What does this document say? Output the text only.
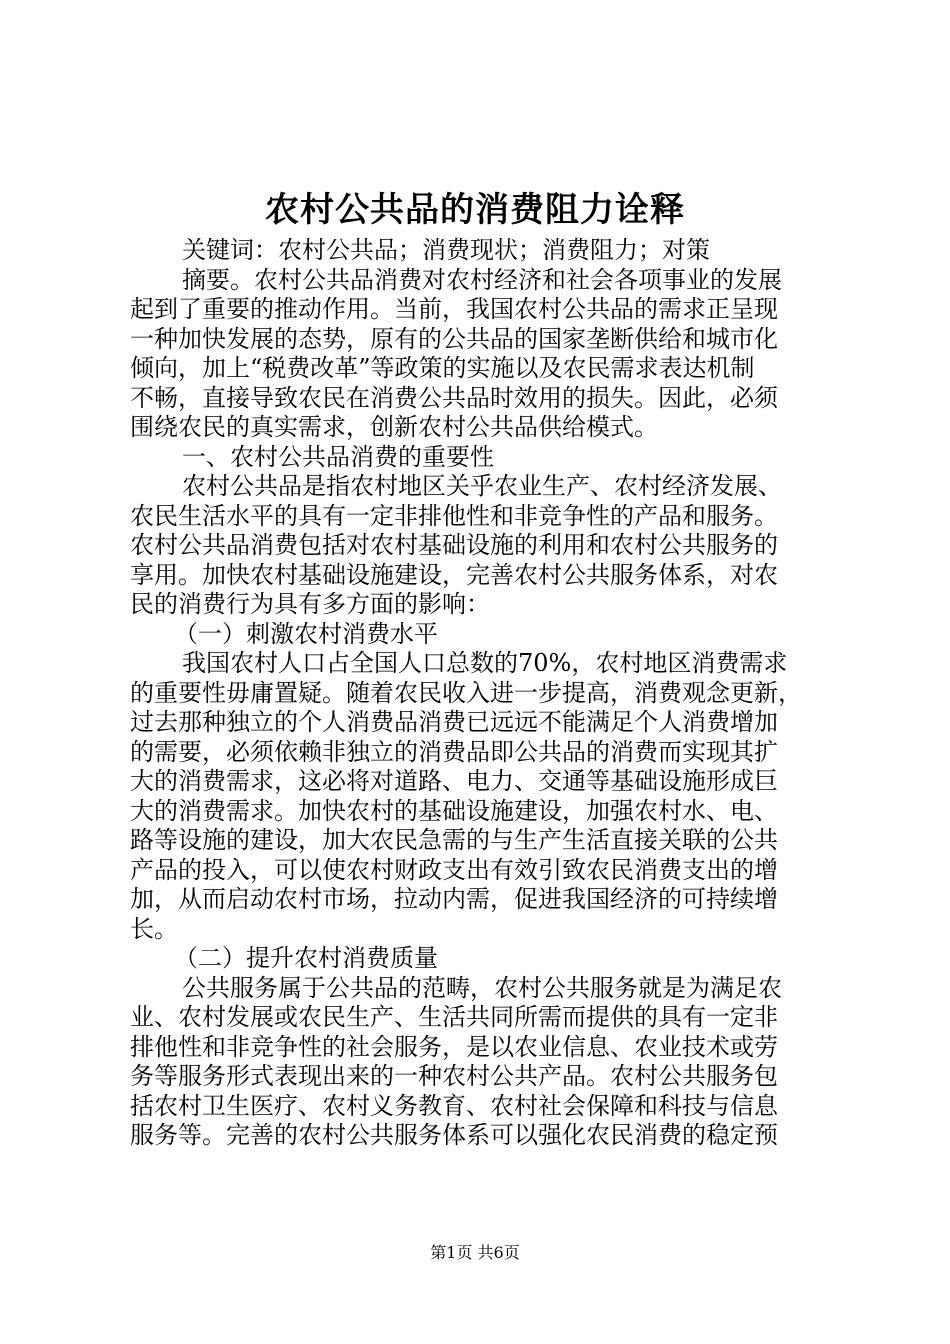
农村公共品的消费阻力诠释
关键词：农村公共品；消费现状；消费阻力；对策
摘要。农村公共品消费对农村经济和社会各项事业的发展
起到了重要的推动作用。当前，我国农村公共品的需求正呈现
一种加快发展的态势，原有的公共品的国家垄断供给和城市化
倾向，加上“税费改革”等政策的实施以及农民需求表达机制
不畅，直接导致农民在消费公共品时效用的损失。因此，必须
围绕农民的真实需求，创新农村公共品供给模式。
一、农村公共品消费的重要性
农村公共品是指农村地区关乎农业生产、农村经济发展、
农民生活水平的具有一定非排他性和非竞争性的产品和服务。
农村公共品消费包括对农村基础设施的利用和农村公共服务的
享用。加快农村基础设施建设，完善农村公共服务体系，对农
民的消费行为具有多方面的影响：
（一）刺激农村消费水平
我国农村人口占全国人口总数的70%，农村地区消费需求
的重要性毋庸置疑。随着农民收入进一步提高，消费观念更新，
过去那种独立的个人消费品消费已远远不能满足个人消费增加
的需要，必须依赖非独立的消费品即公共品的消费而实现其扩
大的消费需求，这必将对道路、电力、交通等基础设施形成巨
大的消费需求。加快农村的基础设施建设，加强农村水、电、
路等设施的建设，加大农民急需的与生产生活直接关联的公共
产品的投入，可以使农村财政支出有效引致农民消费支出的增
加，从而启动农村市场，拉动内需，促进我国经济的可持续增
长。
（二）提升农村消费质量
公共服务属于公共品的范畴，农村公共服务就是为满足农
业、农村发展或农民生产、生活共同所需而提供的具有一定非
排他性和非竞争性的社会服务，是以农业信息、农业技术或劳
务等服务形式表现出来的一种农村公共产品。农村公共服务包
括农村卫生医疗、农村义务教育、农村社会保障和科技与信息
服务等。完善的农村公共服务体系可以强化农民消费的稳定预
第1页 共6页
